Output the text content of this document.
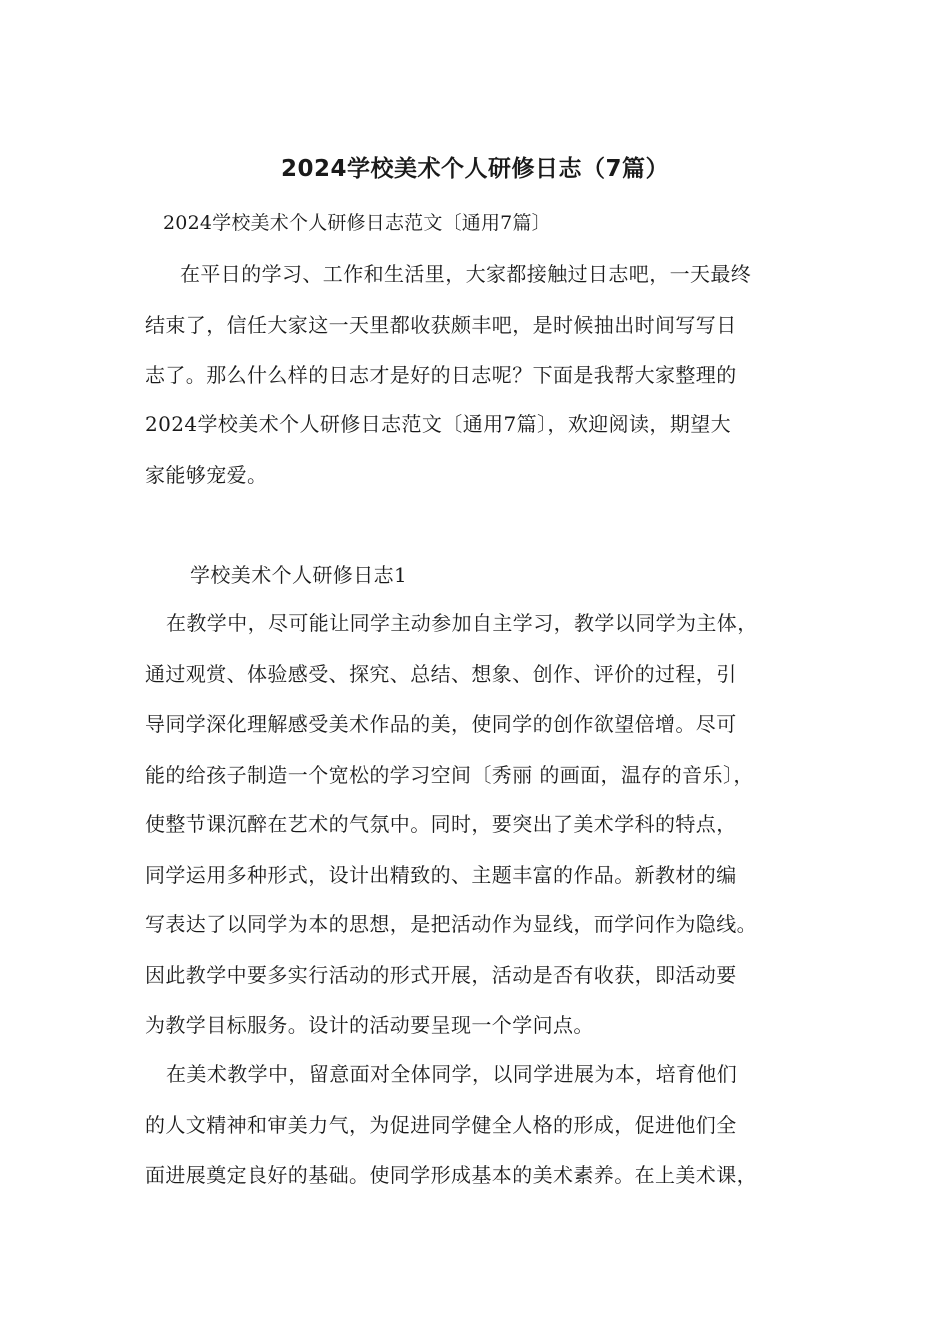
2024学校美术个人研修日志（7篇）
2024学校美术个人研修日志范文〔通用7篇〕
在平日的学习、工作和生活里，大家都接触过日志吧，一天最终
结束了，信任大家这一天里都收获颇丰吧，是时候抽出时间写写日
志了。那么什么样的日志才是好的日志呢？下面是我帮大家整理的
2024学校美术个人研修日志范文〔通用7篇〕，欢迎阅读，期望大
家能够宠爱。
学校美术个人研修日志1
在教学中，尽可能让同学主动参加自主学习，教学以同学为主体，
通过观赏、体验感受、探究、总结、想象、创作、评价的过程，引
导同学深化理解感受美术作品的美，使同学的创作欲望倍增。尽可
能的给孩子制造一个宽松的学习空间〔秀丽 的画面，温存的音乐〕，
使整节课沉醉在艺术的气氛中。同时，要突出了美术学科的特点，
同学运用多种形式，设计出精致的、主题丰富的作品。新教材的编
写表达了以同学为本的思想，是把活动作为显线，而学问作为隐线。
因此教学中要多实行活动的形式开展，活动是否有收获，即活动要
为教学目标服务。设计的活动要呈现一个学问点。
在美术教学中，留意面对全体同学，以同学进展为本，培育他们
的人文精神和审美力气，为促进同学健全人格的形成，促进他们全
面进展奠定良好的基础。使同学形成基本的美术素养。在上美术课，
